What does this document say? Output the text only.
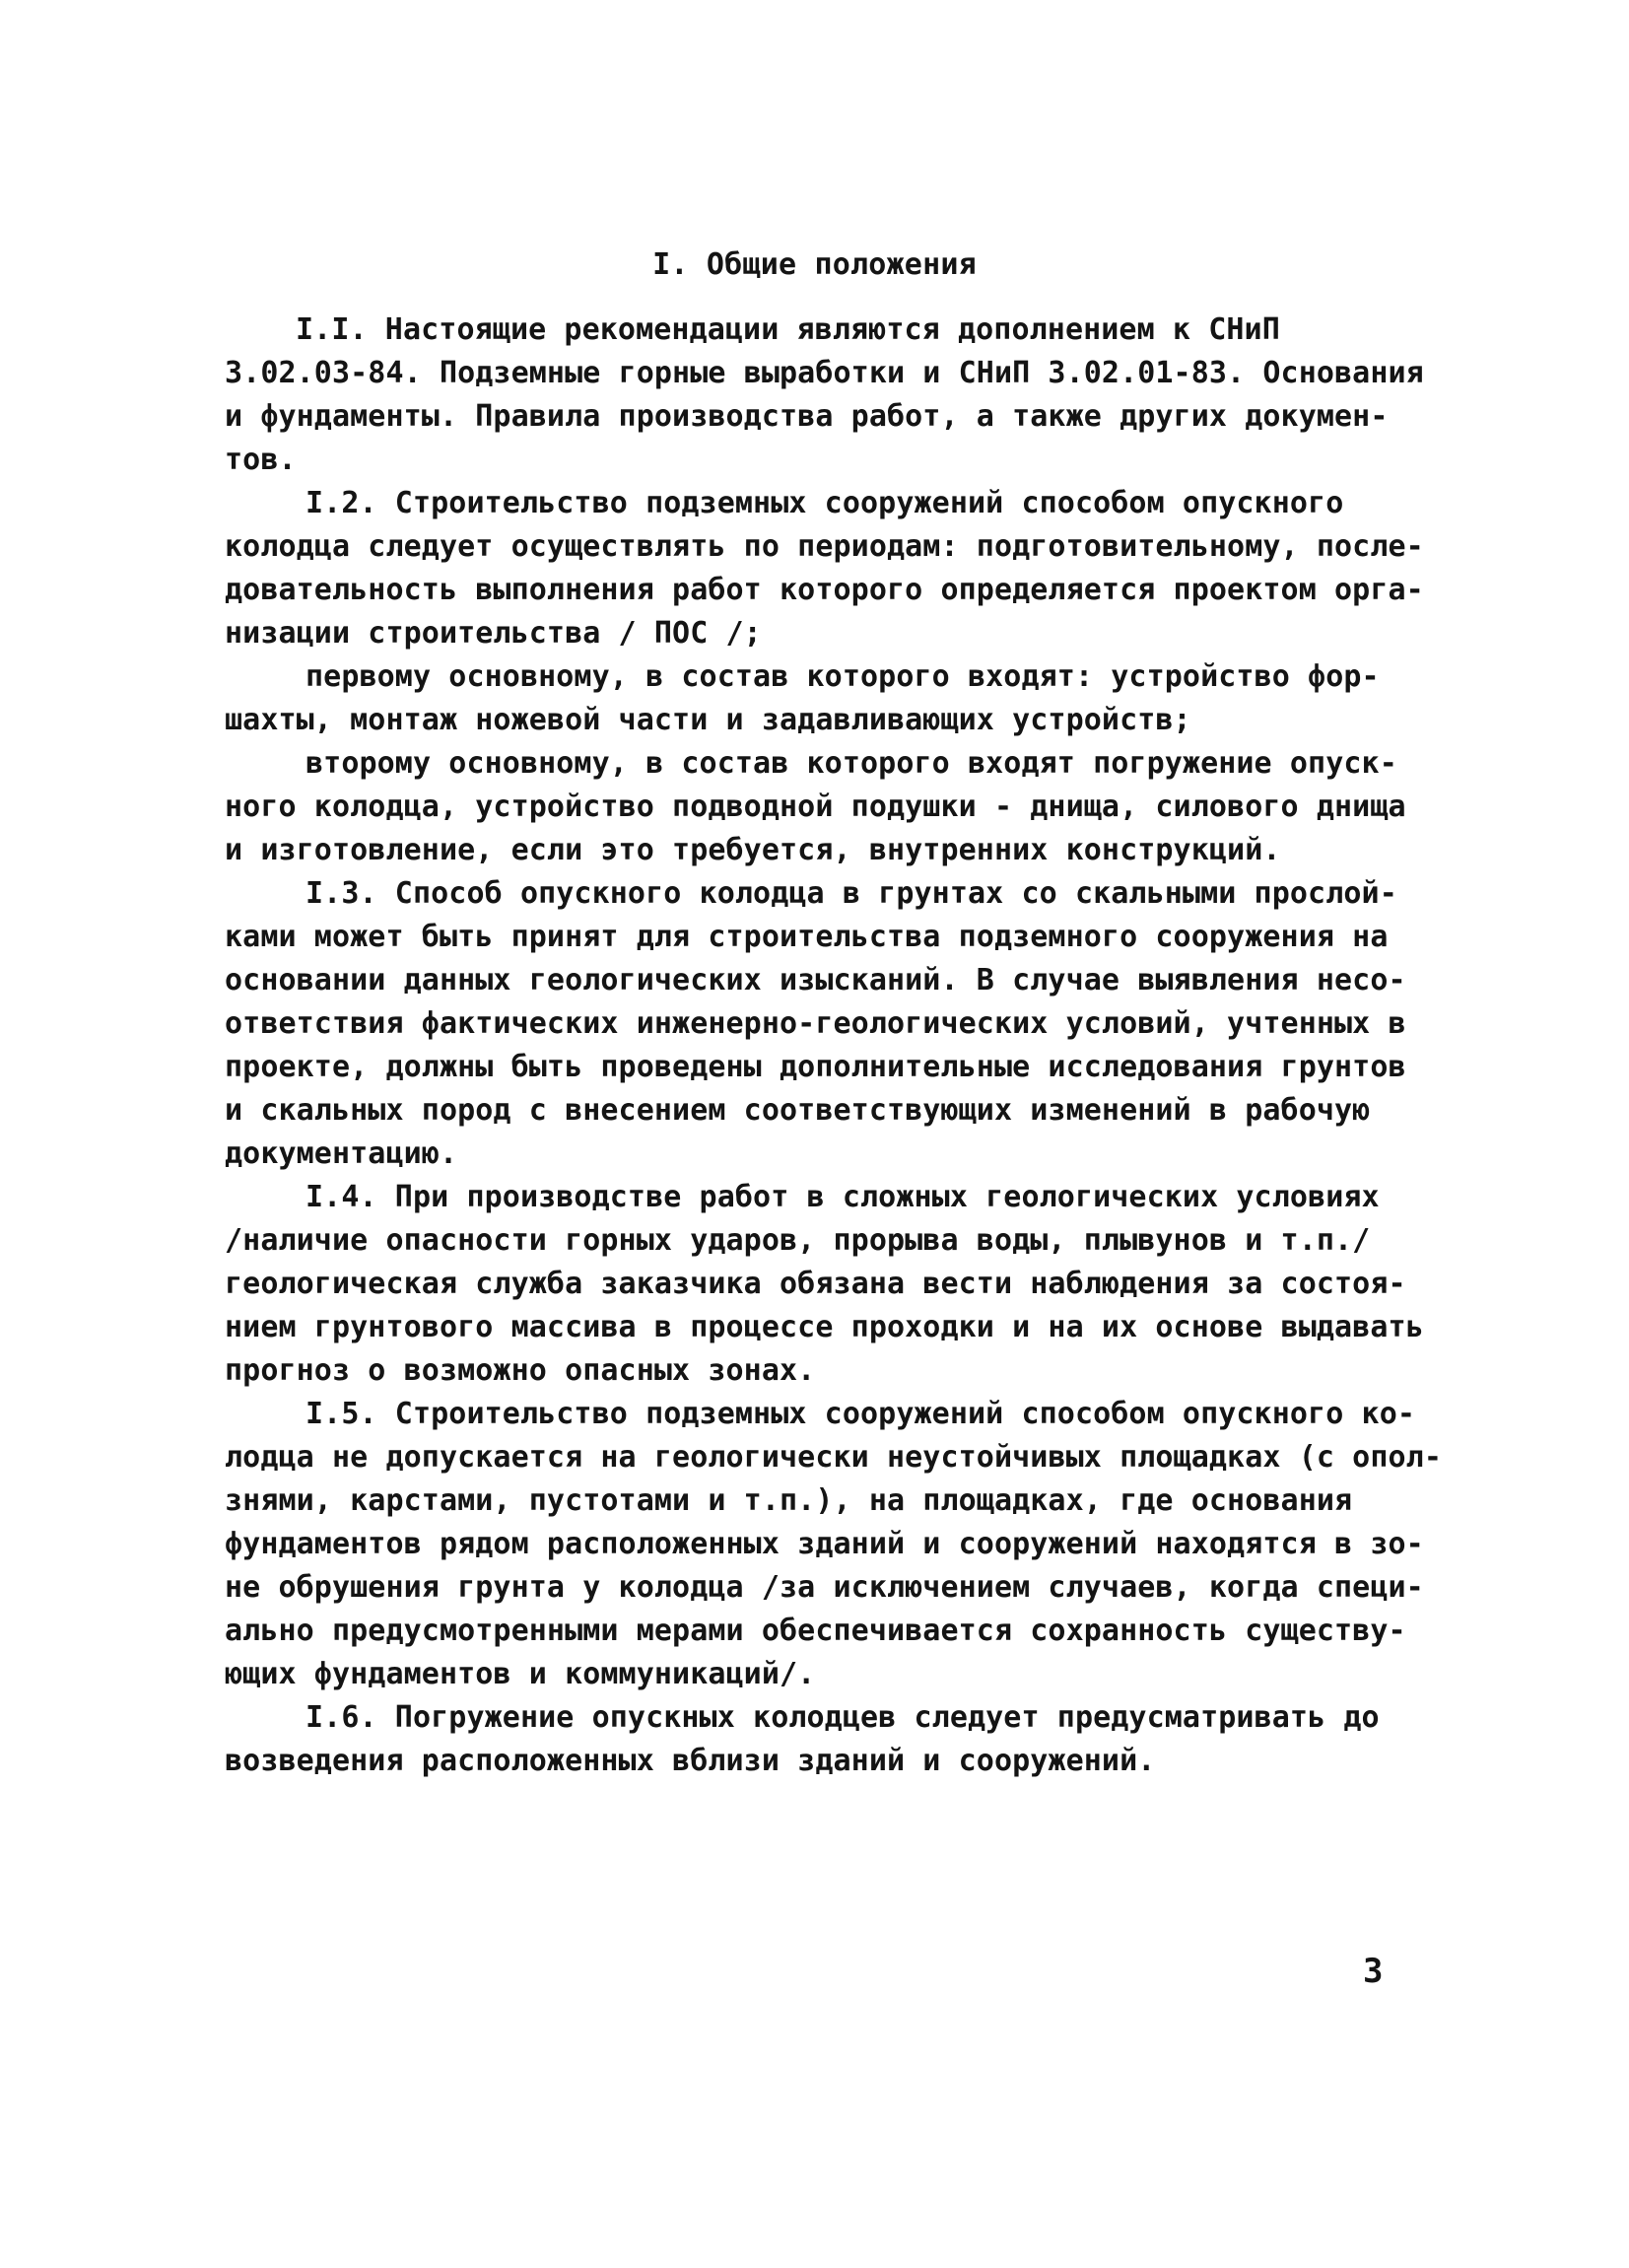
I. Общие положения
I.I. Настоящие рекомендации являются дополнением к СНиП
3.02.03-84. Подземные горные выработки и СНиП 3.02.01-83. Основания
и фундаменты. Правила производства работ, а также других докумен-
тов.
I.2. Строительство подземных сооружений способом опускного
колодца следует осуществлять по периодам: подготовительному, после-
довательность выполнения работ которого определяется проектом орга-
низации строительства / ПОС /;
первому основному, в состав которого входят: устройство фор-
шахты, монтаж ножевой части и задавливающих устройств;
второму основному, в состав которого входят погружение опуск-
ного колодца, устройство подводной подушки - днища, силового днища
и изготовление, если это требуется, внутренних конструкций.
I.3. Способ опускного колодца в грунтах со скальными прослой-
ками может быть принят для строительства подземного сооружения на
основании данных геологических изысканий. В случае выявления несо-
ответствия фактических инженерно-геологических условий, учтенных в
проекте, должны быть проведены дополнительные исследования грунтов
и скальных пород с внесением соответствующих изменений в рабочую
документацию.
I.4. При производстве работ в сложных геологических условиях
/наличие опасности горных ударов, прорыва воды, плывунов и т.п./
геологическая служба заказчика обязана вести наблюдения за состоя-
нием грунтового массива в процессе проходки и на их основе выдавать
прогноз о возможно опасных зонах.
I.5. Строительство подземных сооружений способом опускного ко-
лодца не допускается на геологически неустойчивых площадках (с опол-
знями, карстами, пустотами и т.п.), на площадках, где основания
фундаментов рядом расположенных зданий и сооружений находятся в зо-
не обрушения грунта у колодца /за исключением случаев, когда специ-
ально предусмотренными мерами обеспечивается сохранность существу-
ющих фундаментов и коммуникаций/.
I.6. Погружение опускных колодцев следует предусматривать до
возведения расположенных вблизи зданий и сооружений.
3
